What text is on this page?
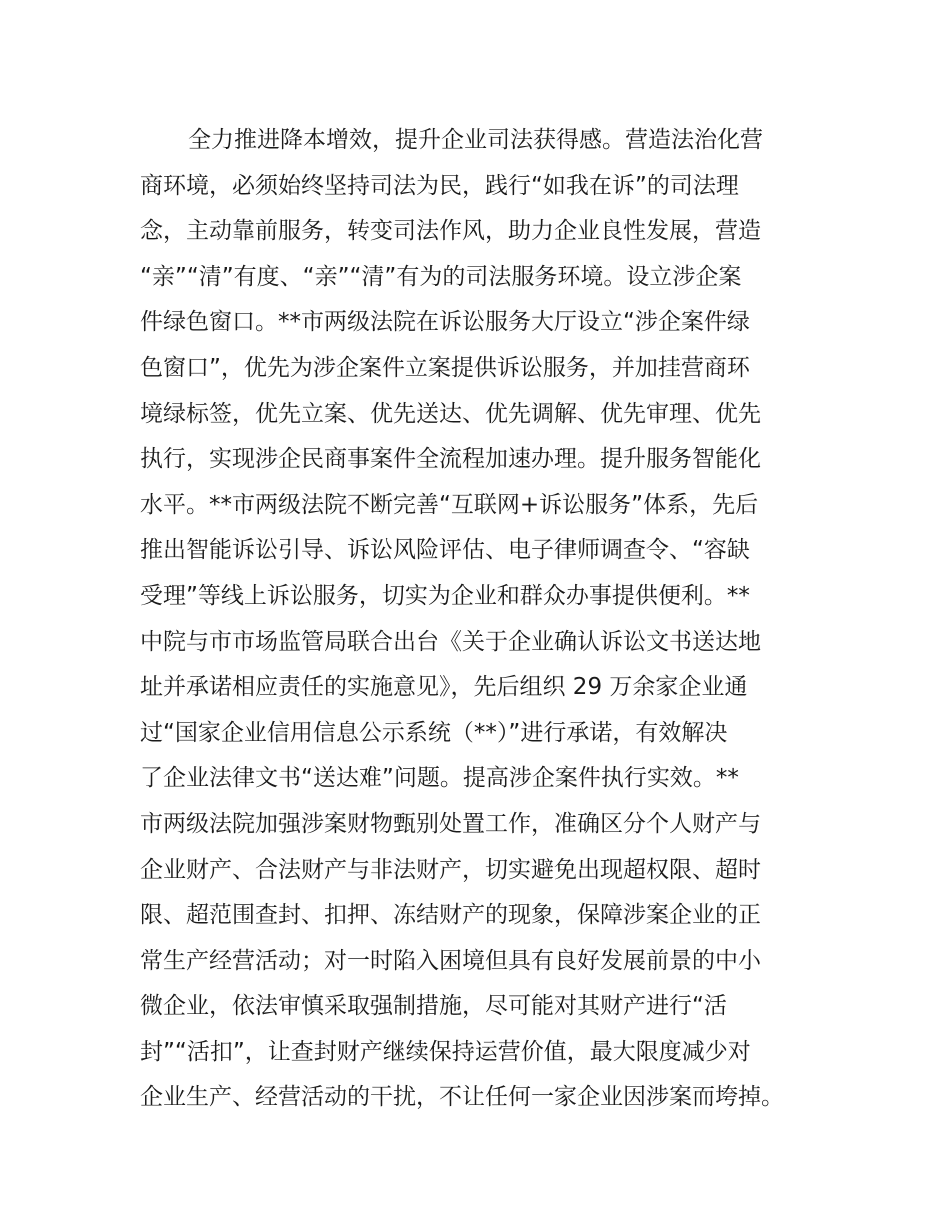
全力推进降本增效，提升企业司法获得感。营造法治化营
商环境，必须始终坚持司法为民，践行“如我在诉”的司法理
念，主动靠前服务，转变司法作风，助力企业良性发展，营造
“亲”“清”有度、“亲”“清”有为的司法服务环境。设立涉企案
件绿色窗口。**市两级法院在诉讼服务大厅设立“涉企案件绿
色窗口”，优先为涉企案件立案提供诉讼服务，并加挂营商环
境绿标签，优先立案、优先送达、优先调解、优先审理、优先
执行，实现涉企民商事案件全流程加速办理。提升服务智能化
水平。**市两级法院不断完善“互联网+诉讼服务”体系，先后
推出智能诉讼引导、诉讼风险评估、电子律师调查令、“容缺
受理”等线上诉讼服务，切实为企业和群众办事提供便利。**
中院与市市场监管局联合出台《关于企业确认诉讼文书送达地
址并承诺相应责任的实施意见》，先后组织 29 万余家企业通
过“国家企业信用信息公示系统（**）”进行承诺，有效解决
了企业法律文书“送达难”问题。提高涉企案件执行实效。**
市两级法院加强涉案财物甄别处置工作，准确区分个人财产与
企业财产、合法财产与非法财产，切实避免出现超权限、超时
限、超范围查封、扣押、冻结财产的现象，保障涉案企业的正
常生产经营活动；对一时陷入困境但具有良好发展前景的中小
微企业，依法审慎采取强制措施，尽可能对其财产进行“活
封”“活扣”，让查封财产继续保持运营价值，最大限度减少对
企业生产、经营活动的干扰，不让任何一家企业因涉案而垮掉。
